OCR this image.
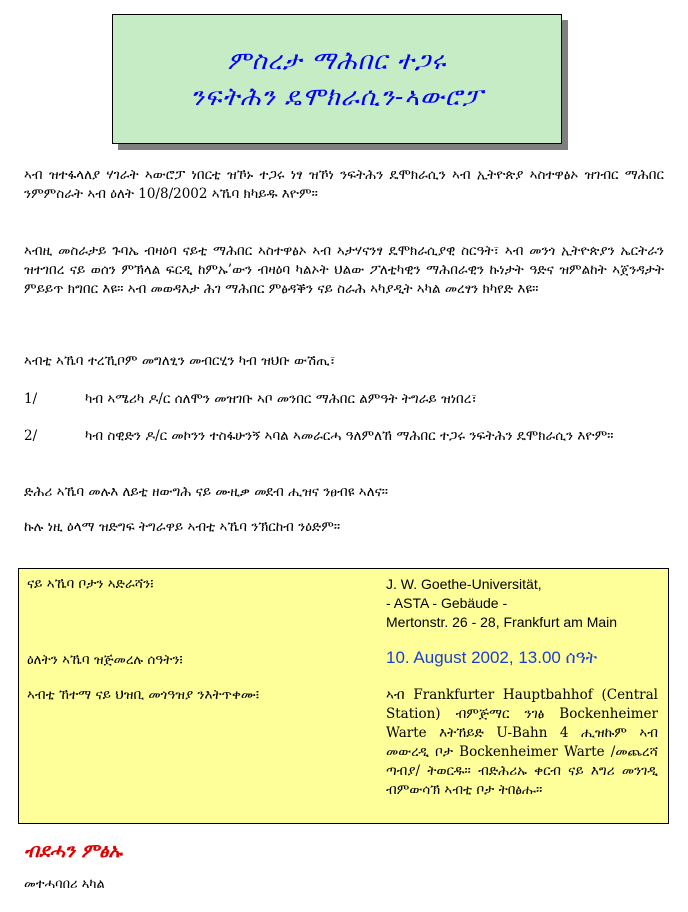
ምስረታ ማሕበር ተጋሩ
ንፍትሕን ዴሞክራሲን-ኣውሮፓ

ኣብ ዝተፋላለያ ሃገራት ኣውሮፓ ነበርቲ ዝኾኑ ተጋሩ ነፃ ዝኾነ ንፍትሕን ዴሞክራሲን ኣብ ኢትዮጵያ ኣስተዋፅኦ ዝገብር ማሕበር ንምምስራት ኣብ ዕለት 10/8/2002 ኣኼባ ክካይዱ እዮም።

ኣብዚ መስራታይ ጉባኤ ብዛዕባ ናይቲ ማሕበር ኣስተዋፅኦ ኣብ ኣታሃናንፃ ዴሞክራሲያዊ ስርዓት፣ ኣብ መንጎ ኢትዮጵያን ኤርትራን ዝተገበረ ናይ ወሰን ምኽላል ፍርዲ ከምኡ’ውን ብዛዕባ ካልኦት ህልው ፖለቲካዊን ማሕበራዊን ኩነታት ዓድና ዝምልከት ኣጀንዳታት ምይይጥ ክግበር እዩ። ኣብ መወዳእታ ሕገ ማሕበር ምፅዳቕን ናይ ስራሕ ኣካያዲት ኣካል መረፃን ክካየድ እዩ።

ኣብቲ ኣኼባ ተረኺቦም መግለፂን መብርሂን ካብ ዝህቡ ውሽጢ፣

1/	ካብ ኣሜሪካ ዶ/ር ሰለሞን መዝገቡ ኣቦ መንበር ማሕበር ልምዓት ትግራይ ዝነበረ፣
2/	ካብ ስዊድን ዶ/ር መኮንን ተስፋሁንኝ ኣባል ኣመራርሓ ዓለምለኸ ማሕበር ተጋሩ ንፍትሕን ዴሞክራሲን እዮም።

ድሕሪ ኣኼባ መሉእ ለይቲ ዘውግሕ ናይ ሙዚቃ መደብ ሒዝና ንፀብዩ ኣለና።

ኩሉ ነዚ ዕላማ ዝድግፍ ትግራዋይ ኣብቲ ኣኼባ ንኽርከብ ንዕድም።

ናይ ኣኼባ ቦታን ኣድራሻን፧	J. W. Goethe-Universität,
- ASTA - Gebäude -
Mertonstr. 26 - 28, Frankfurt am Main
ዕለትን ኣኼባ ዝጅመረሉ ሰዓትን፧	10. August 2002, 13.00 ሰዓት
ኣብቲ ኸተማ ናይ ህዝቢ መጎዓዝያ ንእትጥቀሙ፧	ኣብ Frankfurter Hauptbahhof (Central Station) ብምጅማር ንገፅ Bockenheimer Warte እትኸይድ U-Bahn 4 ሒዝኩም ኣብ መውረዲ ቦታ Bockenheimer Warte /መጨረሻ ጣብያ/ ትወርዱ። ብድሕሪኡ ቀርብ ናይ እግሪ መንገዲ ብምውሳኽ ኣብቲ ቦታ ትበፅሑ።
ብደሓን ምፅኡ
መተሓባበሪ ኣካል
